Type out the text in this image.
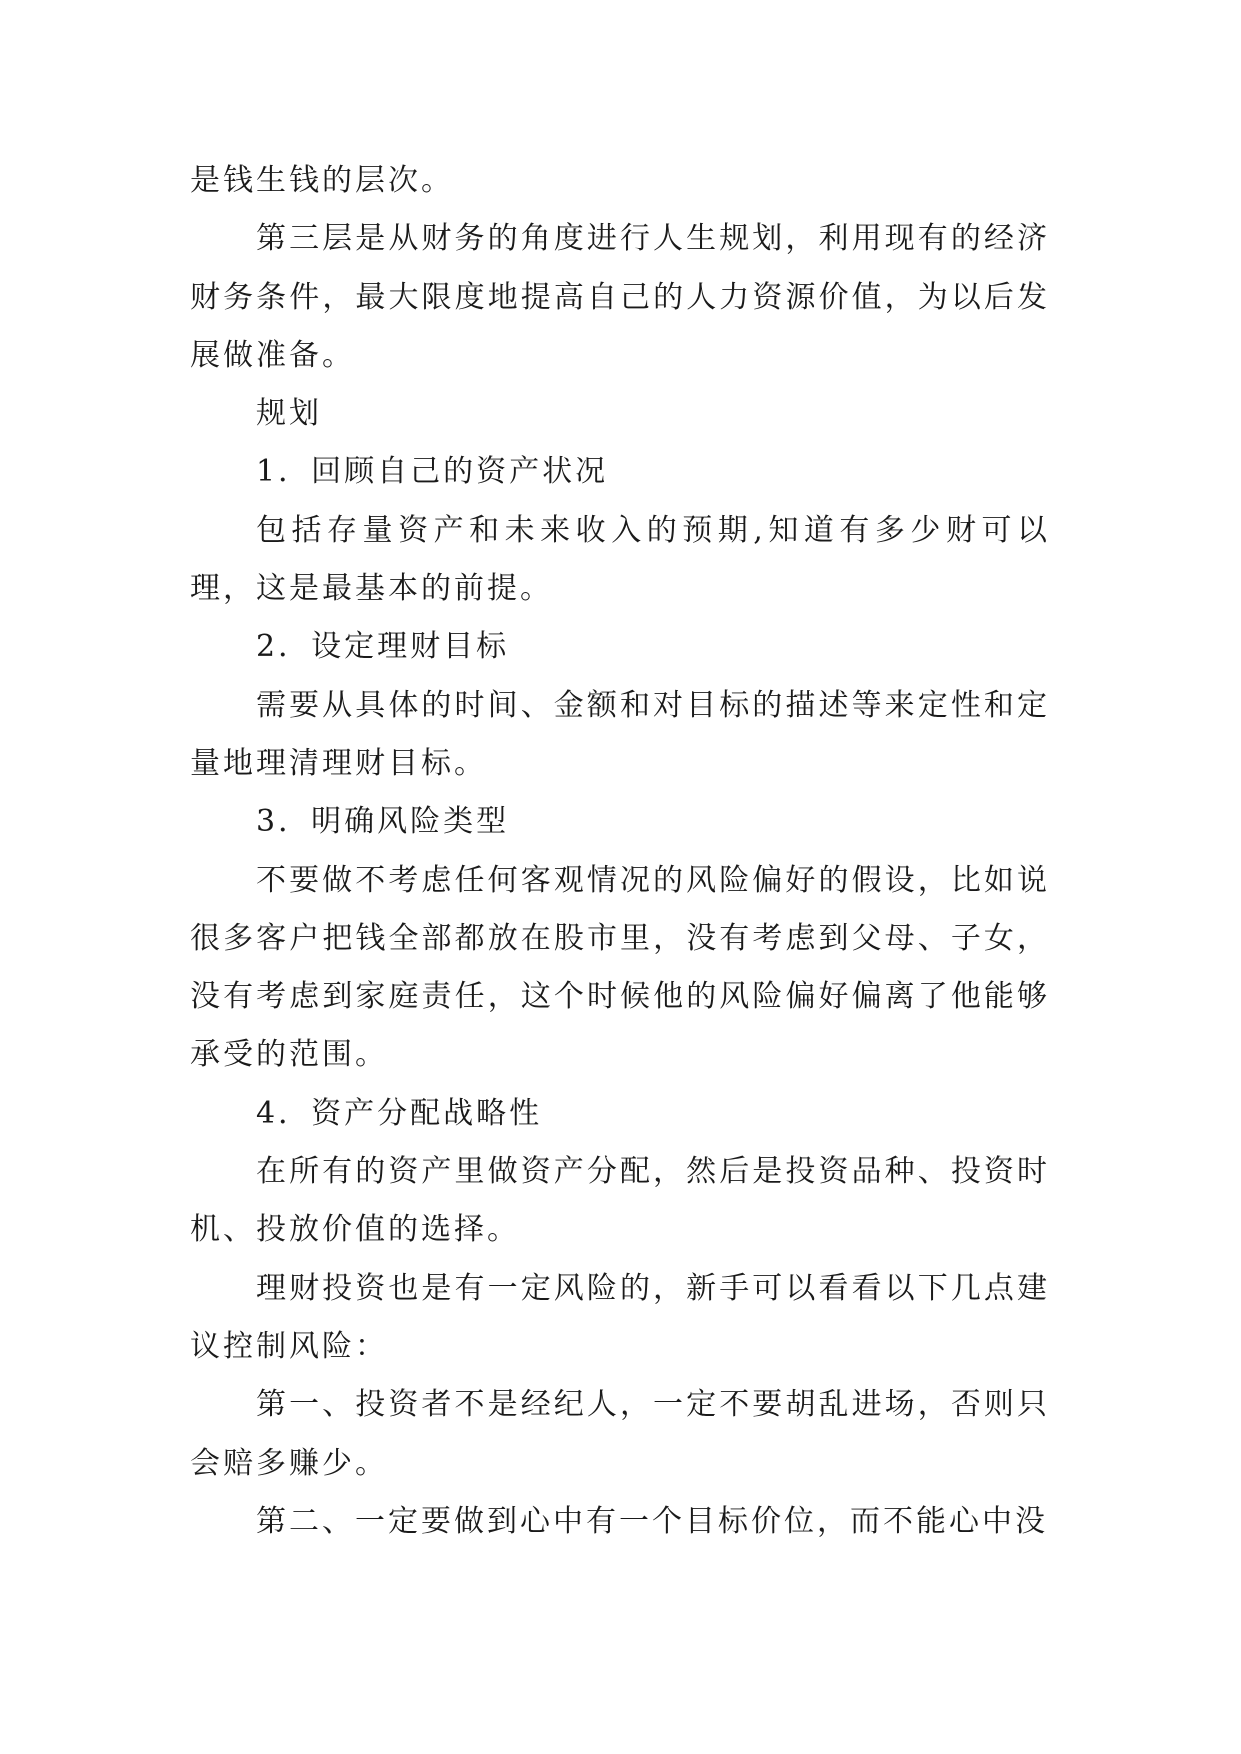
是钱生钱的层次。

第三层是从财务的角度进行人生规划，利用现有的经济财务条件，最大限度地提高自己的人力资源价值，为以后发展做准备。

规划

1．回顾自己的资产状况

包括存量资产和未来收入的预期,知道有多少财可以理，这是最基本的前提。

2．设定理财目标

需要从具体的时间、金额和对目标的描述等来定性和定量地理清理财目标。

3．明确风险类型

不要做不考虑任何客观情况的风险偏好的假设，比如说很多客户把钱全部都放在股市里，没有考虑到父母、子女，没有考虑到家庭责任，这个时候他的风险偏好偏离了他能够承受的范围。

4．资产分配战略性

在所有的资产里做资产分配，然后是投资品种、投资时机、投放价值的选择。

理财投资也是有一定风险的，新手可以看看以下几点建议控制风险：

第一、投资者不是经纪人，一定不要胡乱进场，否则只会赔多赚少。

第二、一定要做到心中有一个目标价位，而不能心中没
